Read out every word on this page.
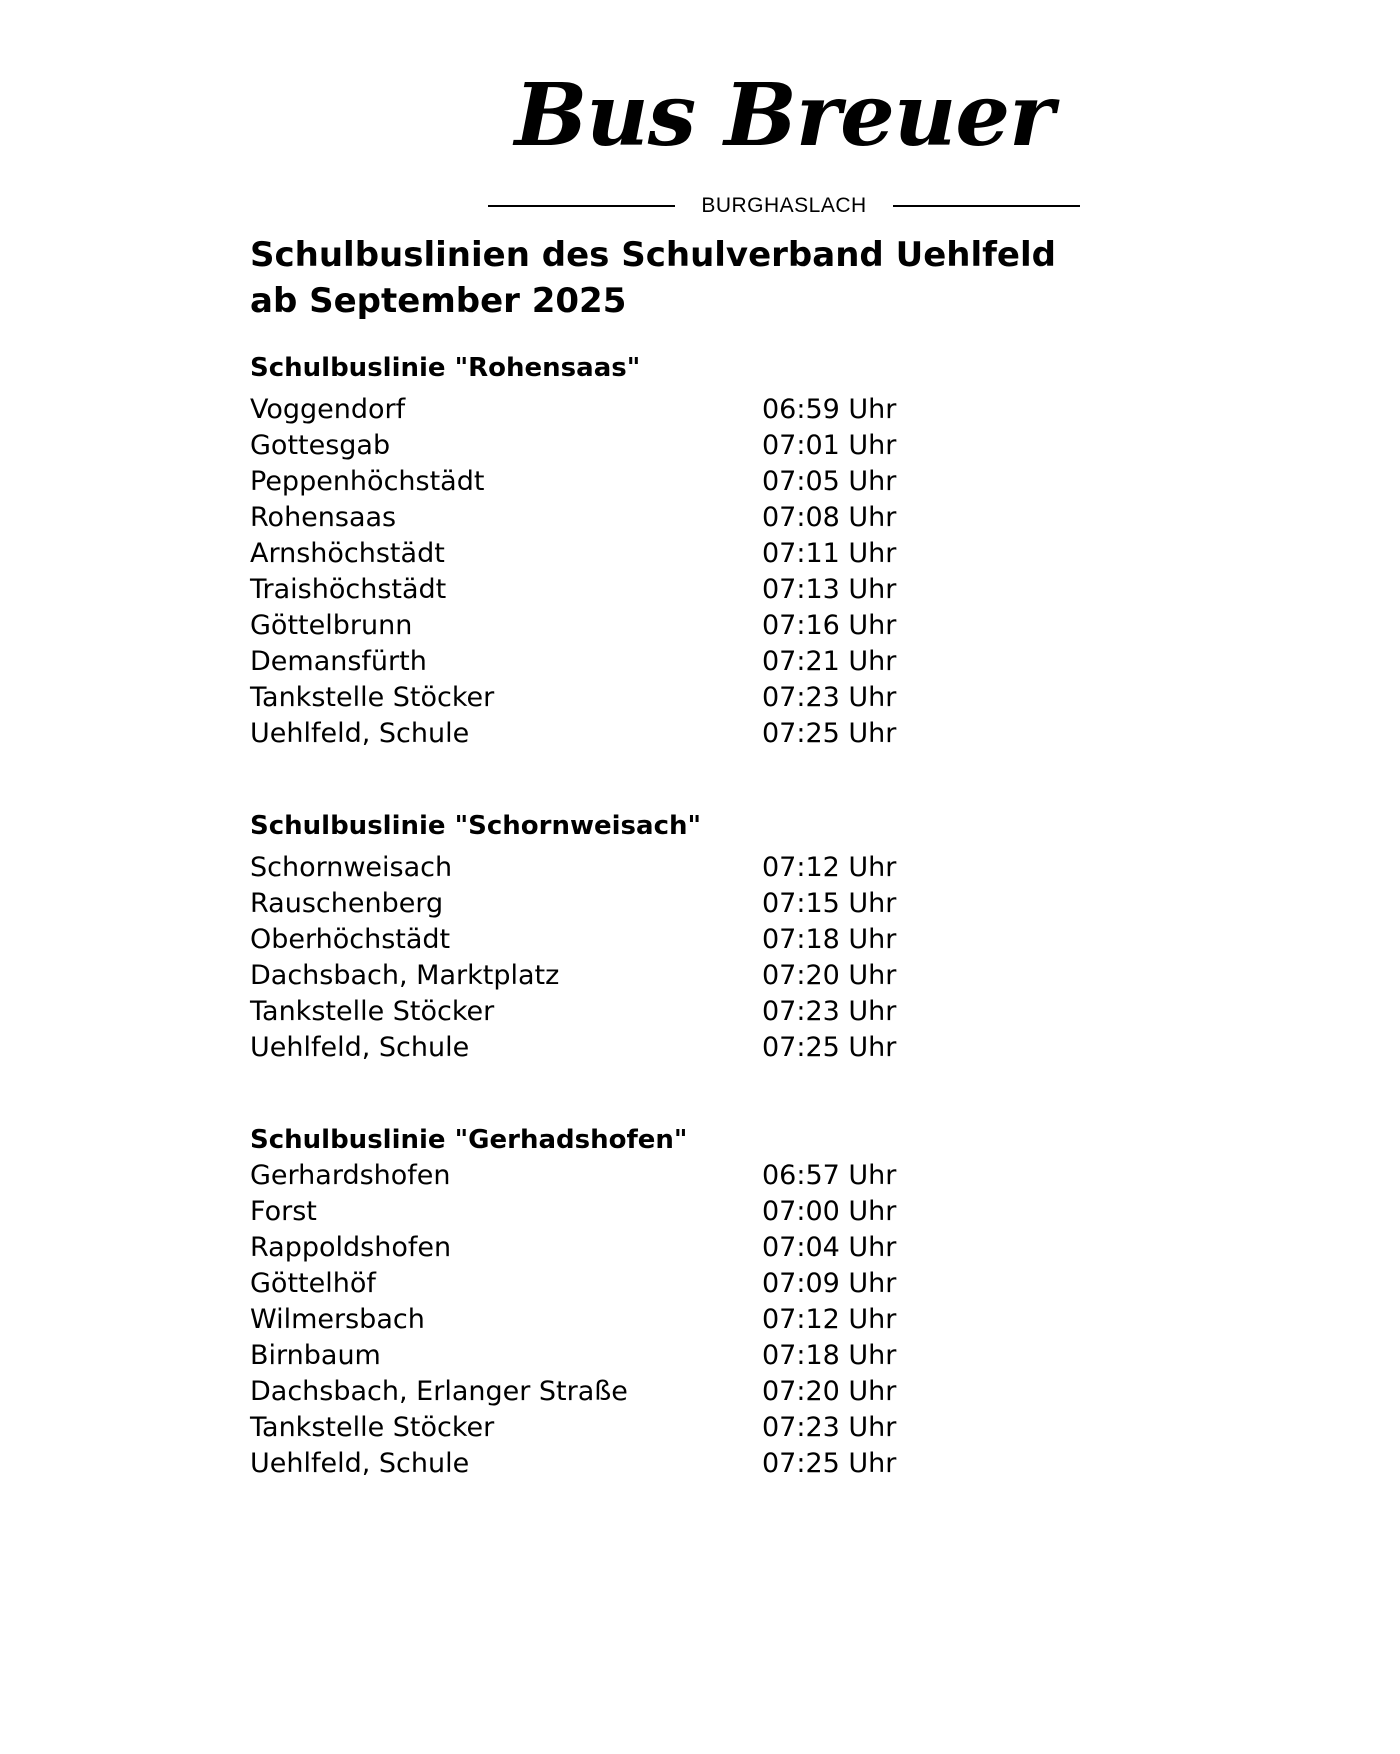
Bus Breuer
BURGHASLACH
Schulbuslinien des Schulverband Uehlfeld
ab September 2025
Schulbuslinie "Rohensaas"
Voggendorf	06:59 Uhr
Gottesgab	07:01 Uhr
Peppenhöchstädt	07:05 Uhr
Rohensaas	07:08 Uhr
Arnshöchstädt	07:11 Uhr
Traishöchstädt	07:13 Uhr
Göttelbrunn	07:16 Uhr
Demansfürth	07:21 Uhr
Tankstelle Stöcker	07:23 Uhr
Uehlfeld, Schule	07:25 Uhr
Schulbuslinie "Schornweisach"
Schornweisach	07:12 Uhr
Rauschenberg	07:15 Uhr
Oberhöchstädt	07:18 Uhr
Dachsbach, Marktplatz	07:20 Uhr
Tankstelle Stöcker	07:23 Uhr
Uehlfeld, Schule	07:25 Uhr
Schulbuslinie "Gerhadshofen"
Gerhardshofen	06:57 Uhr
Forst	07:00 Uhr
Rappoldshofen	07:04 Uhr
Göttelhöf	07:09 Uhr
Wilmersbach	07:12 Uhr
Birnbaum	07:18 Uhr
Dachsbach, Erlanger Straße	07:20 Uhr
Tankstelle Stöcker	07:23 Uhr
Uehlfeld, Schule	07:25 Uhr
